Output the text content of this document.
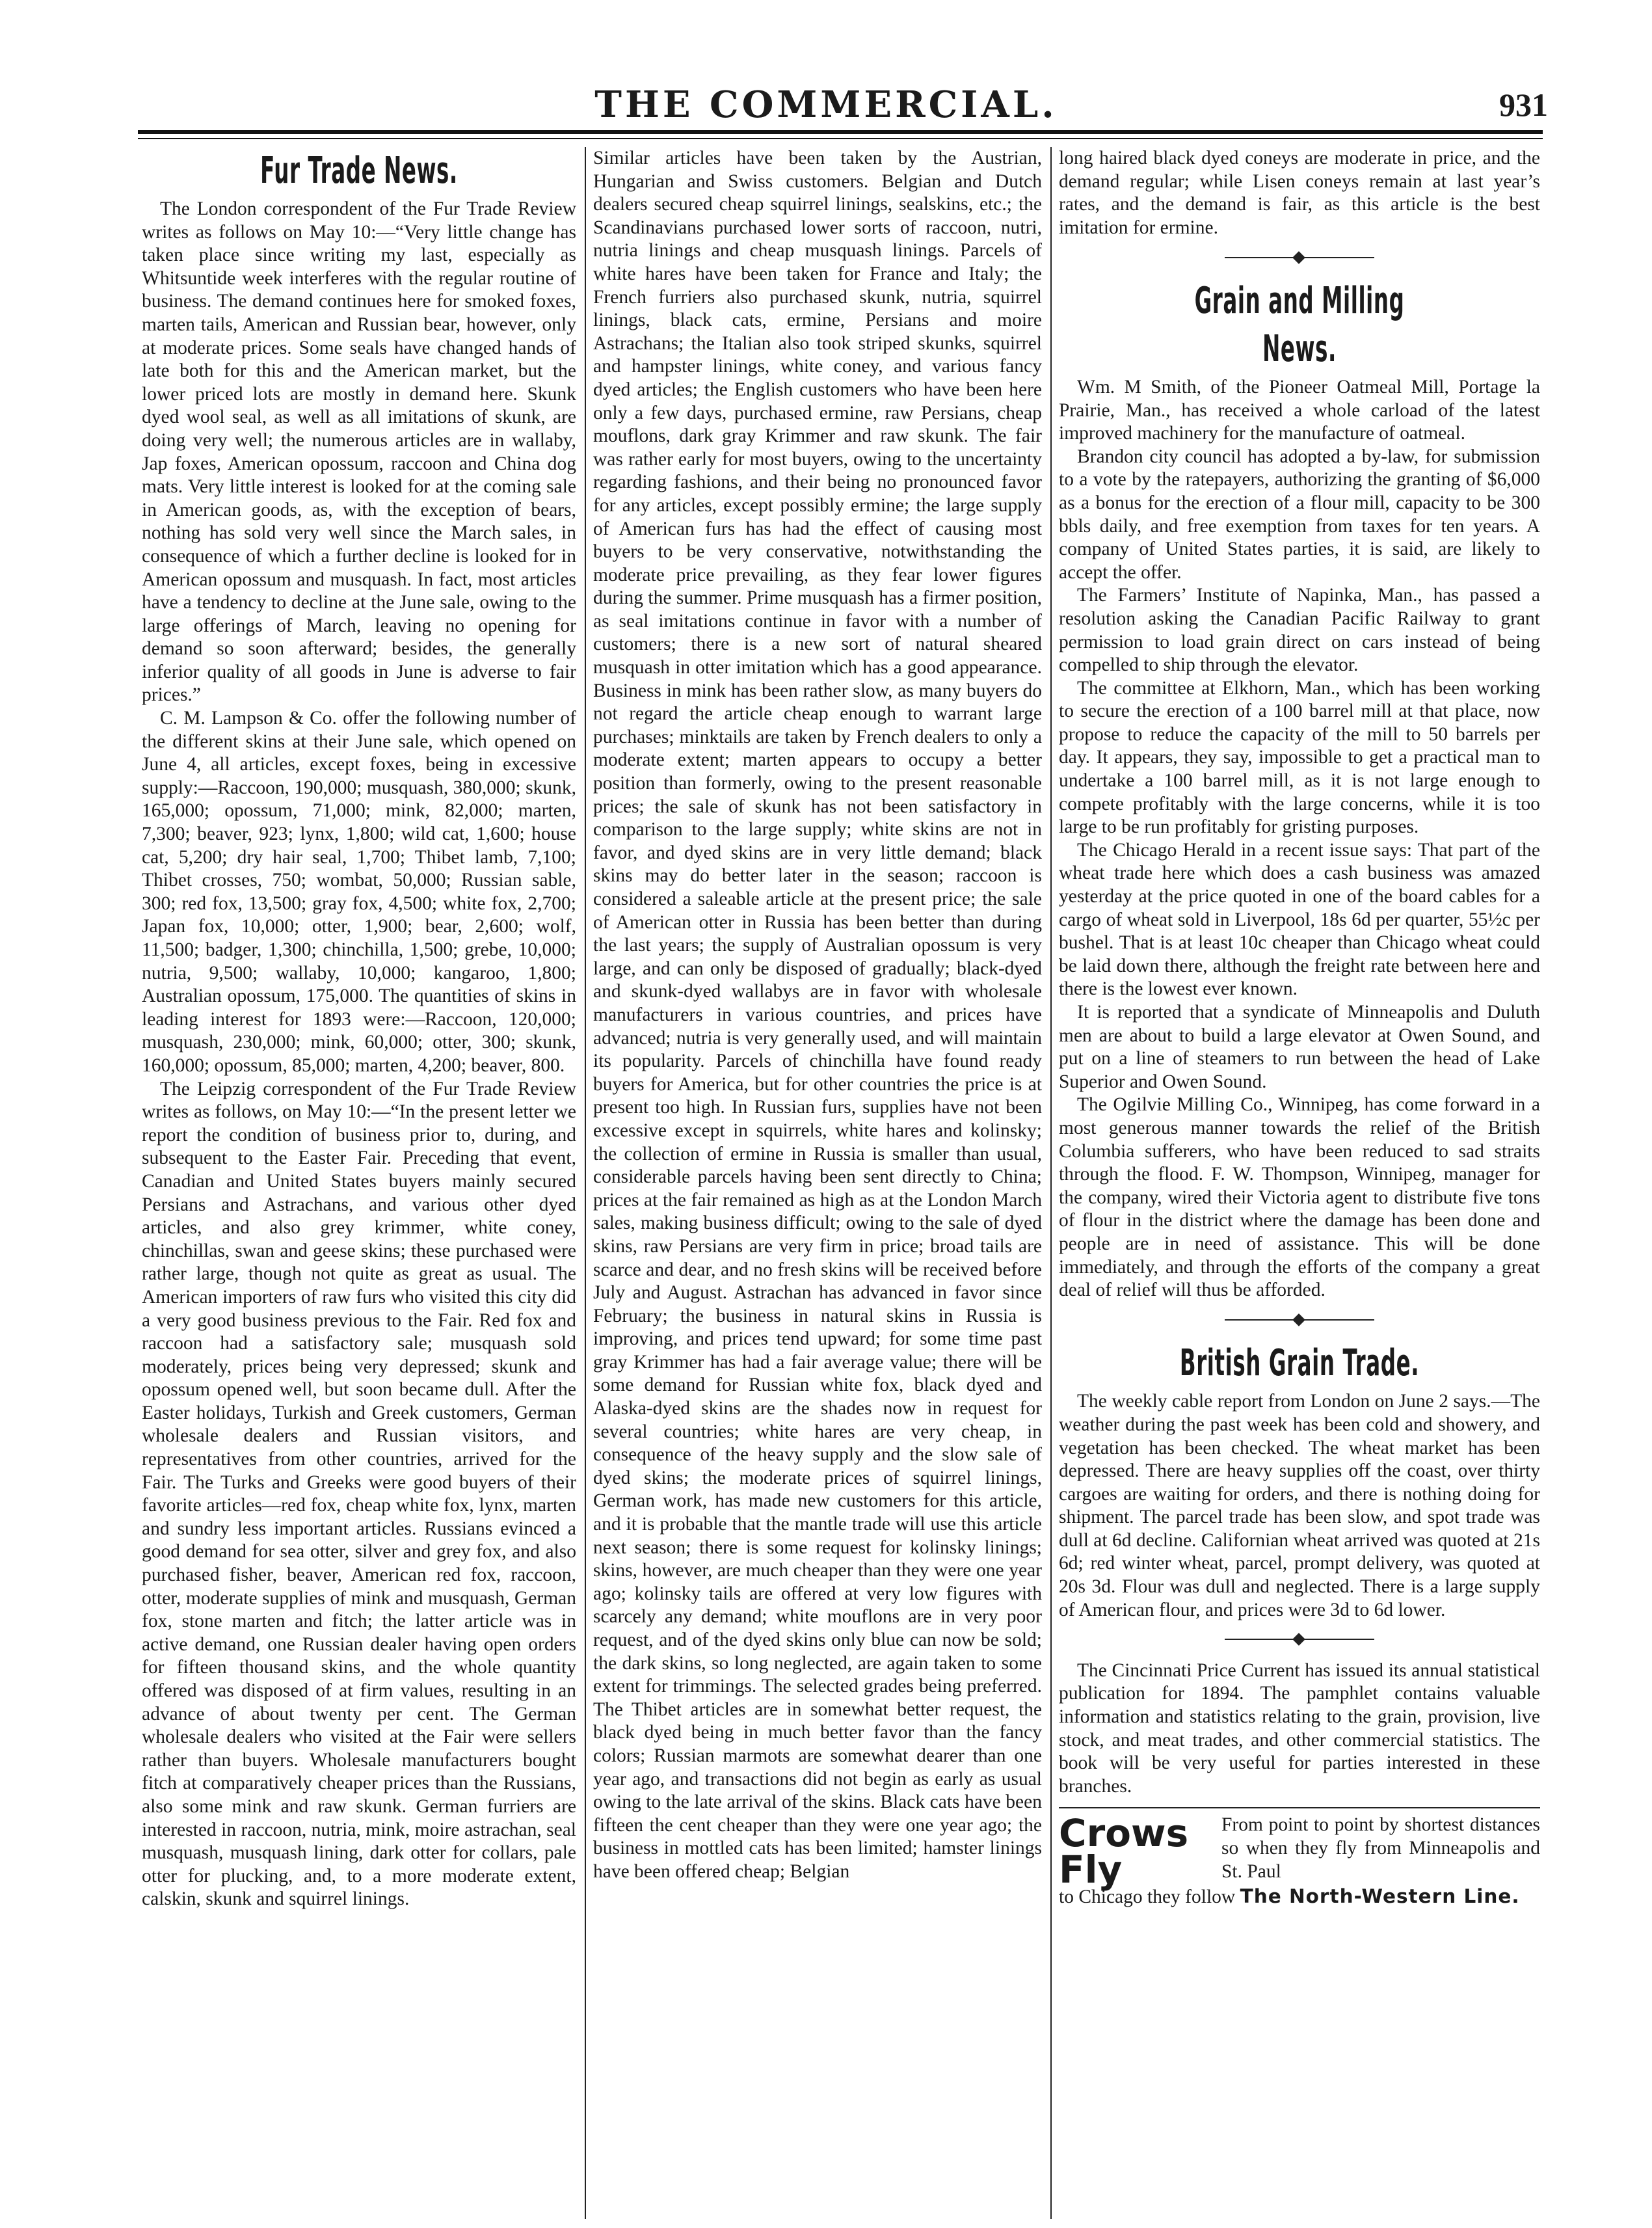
THE COMMERCIAL.	931
Fur Trade News.

The London correspondent of the Fur Trade Review writes as follows on May 10:—“Very little change has taken place since writing my last, especially as Whitsuntide week interferes with the regular routine of business. The demand continues here for smoked foxes, marten tails, American and Russian bear, however, only at moderate prices. Some seals have changed hands of late both for this and the American market, but the lower priced lots are mostly in demand here. Skunk dyed wool seal, as well as all imitations of skunk, are doing very well; the numerous articles are in wallaby, Jap foxes, American opossum, raccoon and China dog mats. Very little interest is looked for at the coming sale in American goods, as, with the exception of bears, nothing has sold very well since the March sales, in consequence of which a further decline is looked for in American opossum and musquash. In fact, most articles have a tendency to decline at the June sale, owing to the large offerings of March, leaving no opening for demand so soon afterward; besides, the generally inferior quality of all goods in June is adverse to fair prices.”

C. M. Lampson & Co. offer the following number of the different skins at their June sale, which opened on June 4, all articles, except foxes, being in excessive supply:—Raccoon, 190,000; musquash, 380,000; skunk, 165,000; opossum, 71,000; mink, 82,000; marten, 7,300; beaver, 923; lynx, 1,800; wild cat, 1,600; house cat, 5,200; dry hair seal, 1,700; Thibet lamb, 7,100; Thibet crosses, 750; wombat, 50,000; Russian sable, 300; red fox, 13,500; gray fox, 4,500; white fox, 2,700; Japan fox, 10,000; otter, 1,900; bear, 2,600; wolf, 11,500; badger, 1,300; chinchilla, 1,500; grebe, 10,000; nutria, 9,500; wallaby, 10,000; kangaroo, 1,800; Australian opossum, 175,000. The quantities of skins in leading interest for 1893 were:—Raccoon, 120,000; musquash, 230,000; mink, 60,000; otter, 300; skunk, 160,000; opossum, 85,000; marten, 4,200; beaver, 800.

The Leipzig correspondent of the Fur Trade Review writes as follows, on May 10:—“In the present letter we report the condition of business prior to, during, and subsequent to the Easter Fair. Preceding that event, Canadian and United States buyers mainly secured Persians and Astrachans, and various other dyed articles, and also grey krimmer, white coney, chinchillas, swan and geese skins; these purchased were rather large, though not quite as great as usual. The American importers of raw furs who visited this city did a very good business previous to the Fair. Red fox and raccoon had a satisfactory sale; musquash sold moderately, prices being very depressed; skunk and opossum opened well, but soon became dull. After the Easter holidays, Turkish and Greek customers, German wholesale dealers and Russian visitors, and representatives from other countries, arrived for the Fair. The Turks and Greeks were good buyers of their favorite articles—red fox, cheap white fox, lynx, marten and sundry less important articles. Russians evinced a good demand for sea otter, silver and grey fox, and also purchased fisher, beaver, American red fox, raccoon, otter, moderate supplies of mink and musquash, German fox, stone marten and fitch; the latter article was in active demand, one Russian dealer having open orders for fifteen thousand skins, and the whole quantity offered was disposed of at firm values, resulting in an advance of about twenty per cent. The German wholesale dealers who visited at the Fair were sellers rather than buyers. Wholesale manufacturers bought fitch at comparatively cheaper prices than the Russians, also some mink and raw skunk. German furriers are interested in raccoon, nutria, mink, moire astrachan, seal musquash, musquash lining, dark otter for collars, pale otter for plucking, and, to a more moderate extent, calskin, skunk and squirrel linings.

Similar articles have been taken by the Austrian, Hungarian and Swiss customers. Belgian and Dutch dealers secured cheap squirrel linings, sealskins, etc.; the Scandinavians purchased lower sorts of raccoon, nutri, nutria linings and cheap musquash linings. Parcels of white hares have been taken for France and Italy; the French furriers also purchased skunk, nutria, squirrel linings, black cats, ermine, Persians and moire Astrachans; the Italian also took striped skunks, squirrel and hampster linings, white coney, and various fancy dyed articles; the English customers who have been here only a few days, purchased ermine, raw Persians, cheap mouflons, dark gray Krimmer and raw skunk. The fair was rather early for most buyers, owing to the uncertainty regarding fashions, and their being no pronounced favor for any articles, except possibly ermine; the large supply of American furs has had the effect of causing most buyers to be very conservative, notwithstanding the moderate price prevailing, as they fear lower figures during the summer. Prime musquash has a firmer position, as seal imitations continue in favor with a number of customers; there is a new sort of natural sheared musquash in otter imitation which has a good appearance. Business in mink has been rather slow, as many buyers do not regard the article cheap enough to warrant large purchases; minktails are taken by French dealers to only a moderate extent; marten appears to occupy a better position than formerly, owing to the present reasonable prices; the sale of skunk has not been satisfactory in comparison to the large supply; white skins are not in favor, and dyed skins are in very little demand; black skins may do better later in the season; raccoon is considered a saleable article at the present price; the sale of American otter in Russia has been better than during the last years; the supply of Australian opossum is very large, and can only be disposed of gradually; black-dyed and skunk-dyed wallabys are in favor with wholesale manufacturers in various countries, and prices have advanced; nutria is very generally used, and will maintain its popularity. Parcels of chinchilla have found ready buyers for America, but for other countries the price is at present too high. In Russian furs, supplies have not been excessive except in squirrels, white hares and kolinsky; the collection of ermine in Russia is smaller than usual, considerable parcels having been sent directly to China; prices at the fair remained as high as at the London March sales, making business difficult; owing to the sale of dyed skins, raw Persians are very firm in price; broad tails are scarce and dear, and no fresh skins will be received before July and August. Astrachan has advanced in favor since February; the business in natural skins in Russia is improving, and prices tend upward; for some time past gray Krimmer has had a fair average value; there will be some demand for Russian white fox, black dyed and Alaska-dyed skins are the shades now in request for several countries; white hares are very cheap, in consequence of the heavy supply and the slow sale of dyed skins; the moderate prices of squirrel linings, German work, has made new customers for this article, and it is probable that the mantle trade will use this article next season; there is some request for kolinsky linings; skins, however, are much cheaper than they were one year ago; kolinsky tails are offered at very low figures with scarcely any demand; white mouflons are in very poor request, and of the dyed skins only blue can now be sold; the dark skins, so long neglected, are again taken to some extent for trimmings. The selected grades being preferred. The Thibet articles are in somewhat better request, the black dyed being in much better favor than the fancy colors; Russian marmots are somewhat dearer than one year ago, and transactions did not begin as early as usual owing to the late arrival of the skins. Black cats have been fifteen the cent cheaper than they were one year ago; the business in mottled cats has been limited; hamster linings have been offered cheap; Belgian

long haired black dyed coneys are moderate in price, and the demand regular; while Lisen coneys remain at last year’s rates, and the demand is fair, as this article is the best imitation for ermine.

Grain and Milling News.

Wm. M Smith, of the Pioneer Oatmeal Mill, Portage la Prairie, Man., has received a whole carload of the latest improved machinery for the manufacture of oatmeal.

Brandon city council has adopted a by-law, for submission to a vote by the ratepayers, authorizing the granting of $6,000 as a bonus for the erection of a flour mill, capacity to be 300 bbls daily, and free exemption from taxes for ten years. A company of United States parties, it is said, are likely to accept the offer.

The Farmers’ Institute of Napinka, Man., has passed a resolution asking the Canadian Pacific Railway to grant permission to load grain direct on cars instead of being compelled to ship through the elevator.

The committee at Elkhorn, Man., which has been working to secure the erection of a 100 barrel mill at that place, now propose to reduce the capacity of the mill to 50 barrels per day. It appears, they say, impossible to get a practical man to undertake a 100 barrel mill, as it is not large enough to compete profitably with the large concerns, while it is too large to be run profitably for gristing purposes.

The Chicago Herald in a recent issue says: That part of the wheat trade here which does a cash business was amazed yesterday at the price quoted in one of the board cables for a cargo of wheat sold in Liverpool, 18s 6d per quarter, 55½c per bushel. That is at least 10c cheaper than Chicago wheat could be laid down there, although the freight rate between here and there is the lowest ever known.

It is reported that a syndicate of Minneapolis and Duluth men are about to build a large elevator at Owen Sound, and put on a line of steamers to run between the head of Lake Superior and Owen Sound.

The Ogilvie Milling Co., Winnipeg, has come forward in a most generous manner towards the relief of the British Columbia sufferers, who have been reduced to sad straits through the flood. F. W. Thompson, Winnipeg, manager for the company, wired their Victoria agent to distribute five tons of flour in the district where the damage has been done and people are in need of assistance. This will be done immediately, and through the efforts of the company a great deal of relief will thus be afforded.

British Grain Trade.

The weekly cable report from London on June 2 says.—The weather during the past week has been cold and showery, and vegetation has been checked. The wheat market has been depressed. There are heavy supplies off the coast, over thirty cargoes are waiting for orders, and there is nothing doing for shipment. The parcel trade has been slow, and spot trade was dull at 6d decline. Californian wheat arrived was quoted at 21s 6d; red winter wheat, parcel, prompt delivery, was quoted at 20s 3d. Flour was dull and neglected. There is a large supply of American flour, and prices were 3d to 6d lower.

The Cincinnati Price Current has issued its annual statistical publication for 1894. The pamphlet contains valuable information and statistics relating to the grain, provision, live stock, and meat trades, and other commercial statistics. The book will be very useful for parties interested in these branches.

Crows
Fly
From point to point by shortest distances so when they fly from Minneapolis and St. Paul
to Chicago they follow The North-Western Line.
